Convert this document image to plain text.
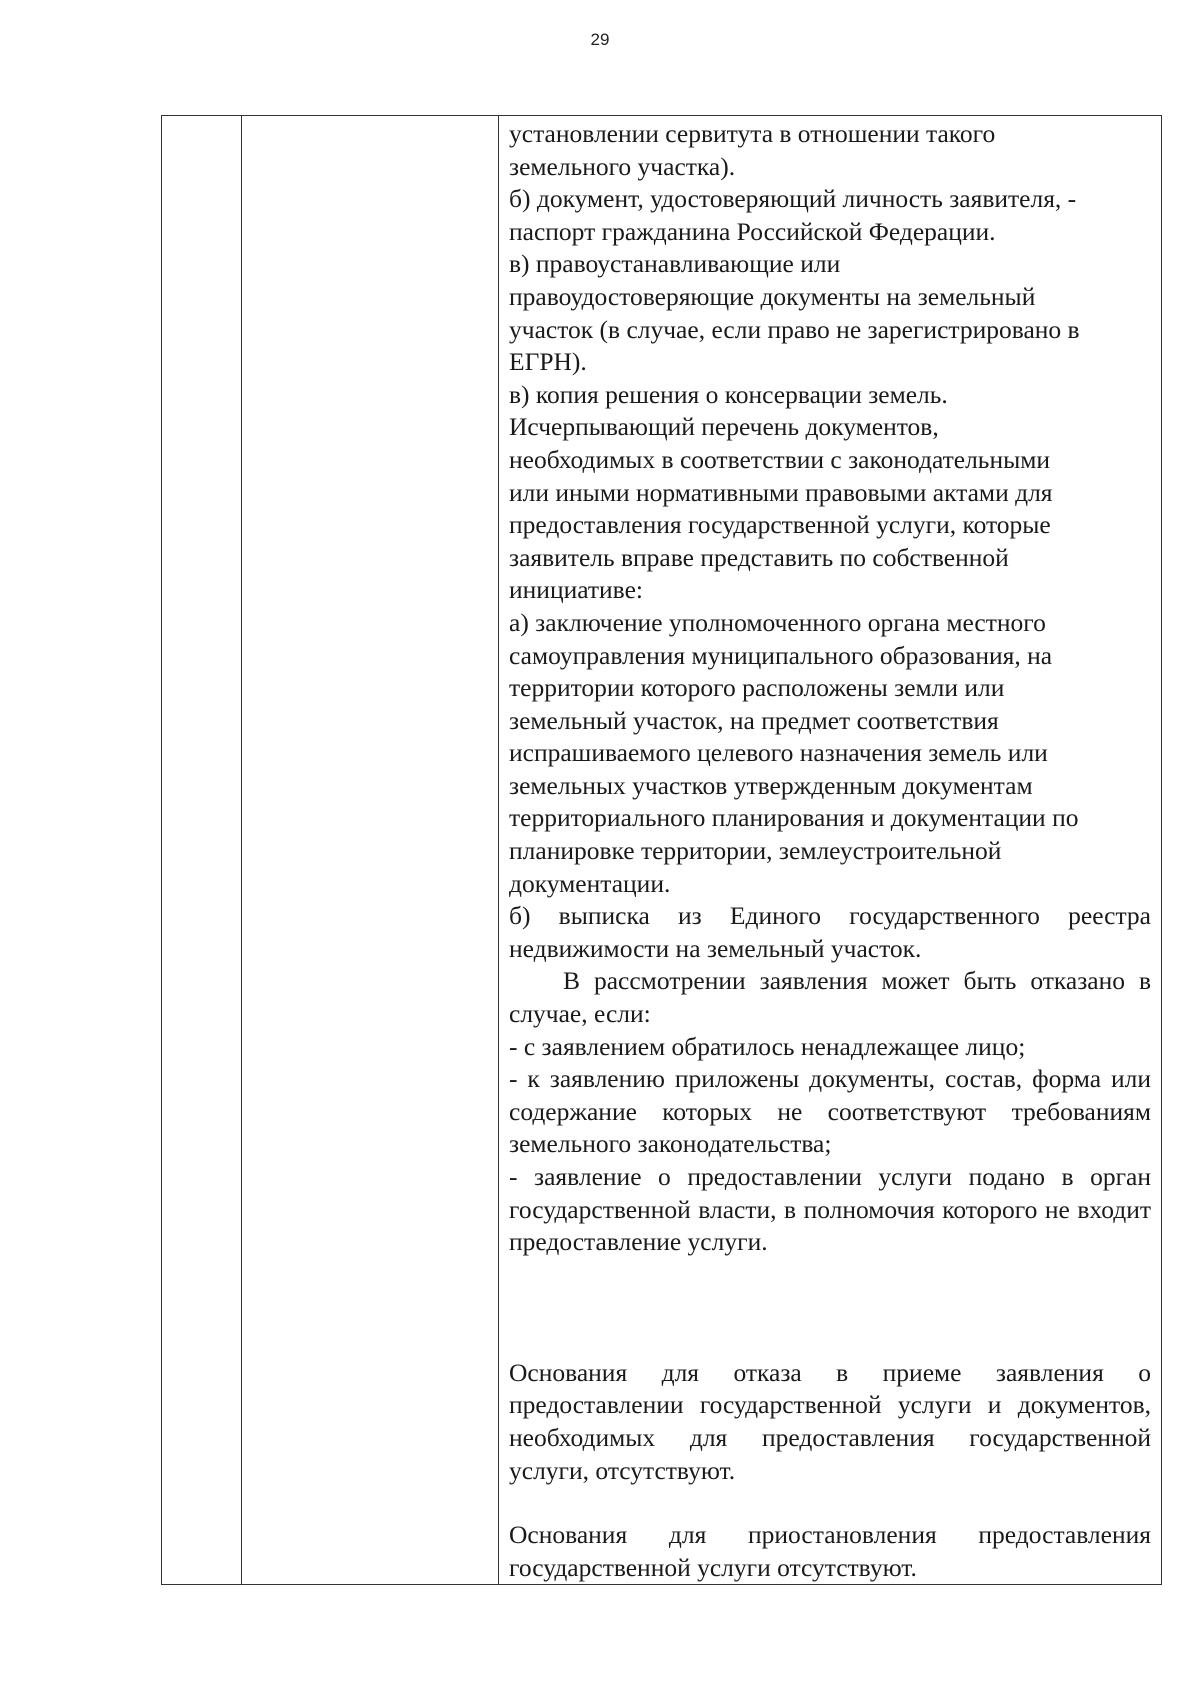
29

установлении сервитута в отношении такого
земельного участка).
б) документ, удостоверяющий личность заявителя, -
паспорт гражданина Российской Федерации.
в) правоустанавливающие или
правоудостоверяющие документы на земельный
участок (в случае, если право не зарегистрировано в
ЕГРН).
в) копия решения о консервации земель.
Исчерпывающий перечень документов,
необходимых в соответствии с законодательными
или иными нормативными правовыми актами для
предоставления государственной услуги, которые
заявитель вправе представить по собственной
инициативе:
а) заключение уполномоченного органа местного
самоуправления муниципального образования, на
территории которого расположены земли или
земельный участок, на предмет соответствия
испрашиваемого целевого назначения земель или
земельных участков утвержденным документам
территориального планирования и документации по
планировке территории, землеустроительной
документации.
б) выписка из Единого государственного реестра недвижимости на земельный участок.
В рассмотрении заявления может быть отказано в случае, если:
- с заявлением обратилось ненадлежащее лицо;
- к заявлению приложены документы, состав, форма или содержание которых не соответствуют требованиям земельного законодательства;
- заявление о предоставлении услуги подано в орган государственной власти, в полномочия которого не входит предоставление услуги.
Основания для отказа в приеме заявления о предоставлении государственной услуги и документов, необходимых для предоставления государственной услуги, отсутствуют.
Основания для приостановления предоставления государственной услуги отсутствуют.
